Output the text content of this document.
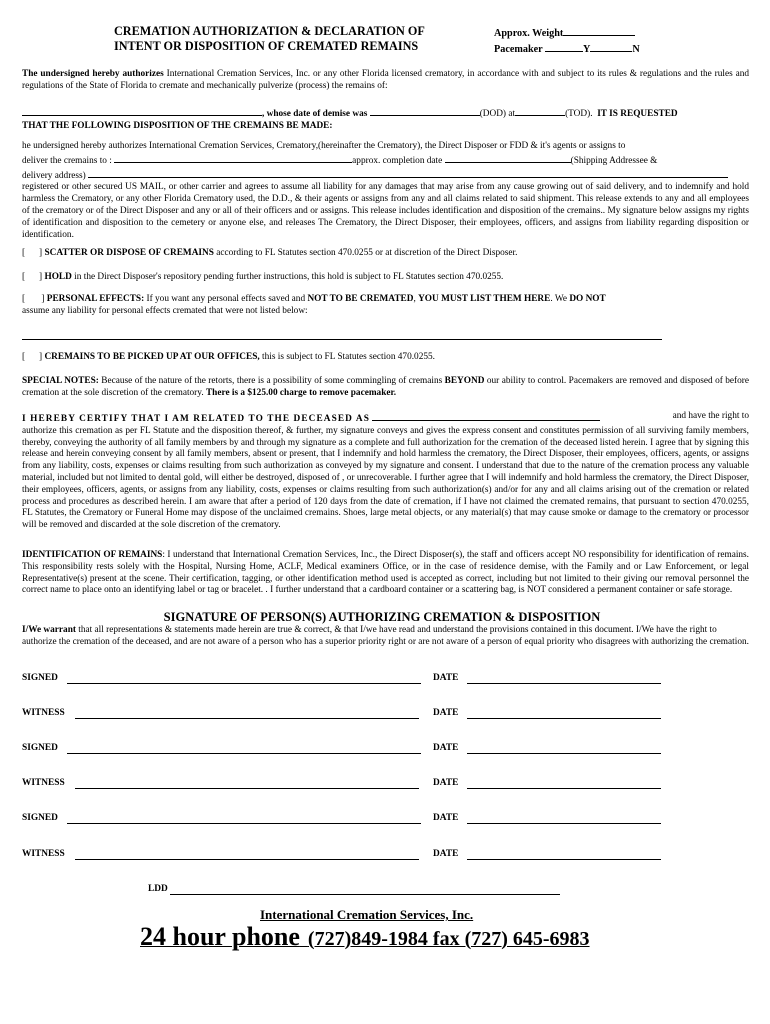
CREMATION AUTHORIZATION & DECLARATION OF
INTENT OR DISPOSITION OF CREMATED REMAINS
Approx. Weight
Pacemaker	Y	N
The undersigned hereby authorizes International Cremation Services, Inc. or any other Florida licensed crematory, in accordance with and subject to its rules & regulations and the rules and regulations of the State of Florida to cremate and mechanically pulverize (process) the remains of:
, whose date of demise was	(DOD) at	(TOD). IT IS REQUESTED
THAT THE FOLLOWING DISPOSITION OF THE CREMAINS BE MADE:
he undersigned hereby authorizes International Cremation Services, Crematory,(hereinafter the Crematory), the Direct Disposer or FDD & it's agents or assigns to
deliver the cremains to :	approx. completion date	(Shipping Addressee &
delivery address)
registered or other secured US MAIL, or other carrier and agrees to assume all liability for any damages that may arise from any cause growing out of said delivery, and to indemnify and hold harmless the Crematory, or any other Florida Crematory used, the D.D., & their agents or assigns from any and all claims related to said shipment. This release extends to any and all employees of the crematory or of the Direct Disposer and any or all of their officers and or assigns. This release includes identification and disposition of the cremains.. My signature below assigns my rights of identification and disposition to the cemetery or anyone else, and releases The Crematory, the Direct Disposer, their employees, officers, and assigns from liability regarding disposition or identification.
[      ] SCATTER OR DISPOSE OF CREMAINS according to FL Statutes section 470.0255 or at discretion of the Direct Disposer.
[      ] HOLD in the Direct Disposer's repository pending further instructions, this hold is subject to FL Statutes section 470.0255.
[       ] PERSONAL EFFECTS: If you want any personal effects saved and NOT TO BE CREMATED, YOU MUST LIST THEM HERE. We DO NOT
assume any liability for personal effects cremated that were not listed below:
[      ] CREMAINS TO BE PICKED UP AT OUR OFFICES, this is subject to FL Statutes section 470.0255.
SPECIAL NOTES: Because of the nature of the retorts, there is a possibility of some commingling of cremains BEYOND our ability to control. Pacemakers are removed and disposed of before cremation at the sole discretion of the crematory. There is a $125.00 charge to remove pacemaker.
I HEREBY CERTIFY THAT I AM RELATED TO THE DECEASED AS	and have the right to
authorize this cremation as per FL Statute and the disposition thereof, & further, my signature conveys and gives the express consent and constitutes permission of all surviving family members, thereby, conveying the authority of all family members by and through my signature as a complete and full authorization for the cremation of the deceased listed herein. I agree that by signing this release and herein conveying consent by all family members, absent or present, that I indemnify and hold harmless the crematory, the Direct Disposer, their employees, officers, agents, or assigns from any liability, costs, expenses or claims resulting from such authorization as conveyed by my signature and consent. I understand that due to the nature of the cremation process any valuable material, included but not limited to dental gold, will either be destroyed, disposed of , or unrecoverable. I further agree that I will indemnify and hold harmless the crematory, the Direct Disposer, their employees, officers, agents, or assigns from any liability, costs, expenses or claims resulting from such authorization(s) and/or for any and all claims arising out of the cremation or related process and procedures as described herein. I am aware that after a period of 120 days from the date of cremation, if I have not claimed the cremated remains, that pursuant to section 470.0255, FL Statutes, the Crematory or Funeral Home may dispose of the unclaimed cremains. Shoes, large metal objects, or any material(s) that may cause smoke or damage to the crematory or processor will be removed and discarded at the sole discretion of the crematory.
IDENTIFICATION OF REMAINS: I understand that International Cremation Services, Inc., the Direct Disposer(s), the staff and officers accept NO responsibility for identification of remains. This responsibility rests solely with the Hospital, Nursing Home, ACLF, Medical examiners Office, or in the case of residence demise, with the Family and or Law Enforcement, or legal Representative(s) present at the scene. Their certification, tagging, or other identification method used is accepted as correct, including but not limited to their giving our removal personnel the correct name to place onto an identifying label or tag or bracelet. . I further understand that a cardboard container or a scattering bag, is NOT considered a permanent container or safe storage.
SIGNATURE OF PERSON(S) AUTHORIZING CREMATION & DISPOSITION
I/We warrant that all representations & statements made herein are true & correct, & that I/we have read and understand the provisions contained in this document. I/We have the right to authorize the cremation of the deceased, and are not aware of a person who has a superior priority right or are not aware of a person of equal priority who disagrees with authorizing the cremation.
SIGNED	DATE
WITNESS	DATE
SIGNED	DATE
WITNESS	DATE
SIGNED	DATE
WITNESS	DATE
LDD
International Cremation Services, Inc.
24 hour phone (727)849-1984 fax (727) 645-6983
